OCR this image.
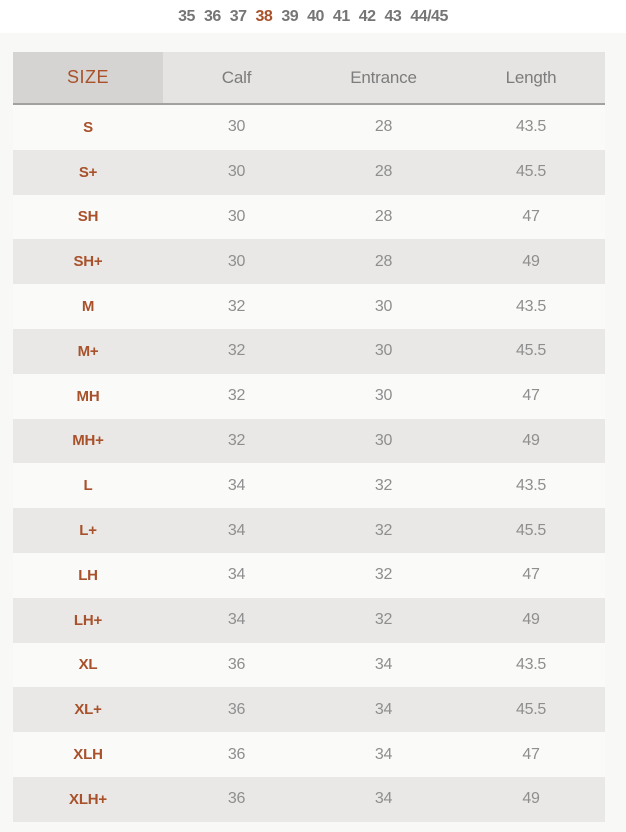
35 36 37 38 39 40 41 42 43 44/45
SIZE	Calf	Entrance	Length
S	30	28	43.5
S+	30	28	45.5
SH	30	28	47
SH+	30	28	49
M	32	30	43.5
M+	32	30	45.5
MH	32	30	47
MH+	32	30	49
L	34	32	43.5
L+	34	32	45.5
LH	34	32	47
LH+	34	32	49
XL	36	34	43.5
XL+	36	34	45.5
XLH	36	34	47
XLH+	36	34	49
